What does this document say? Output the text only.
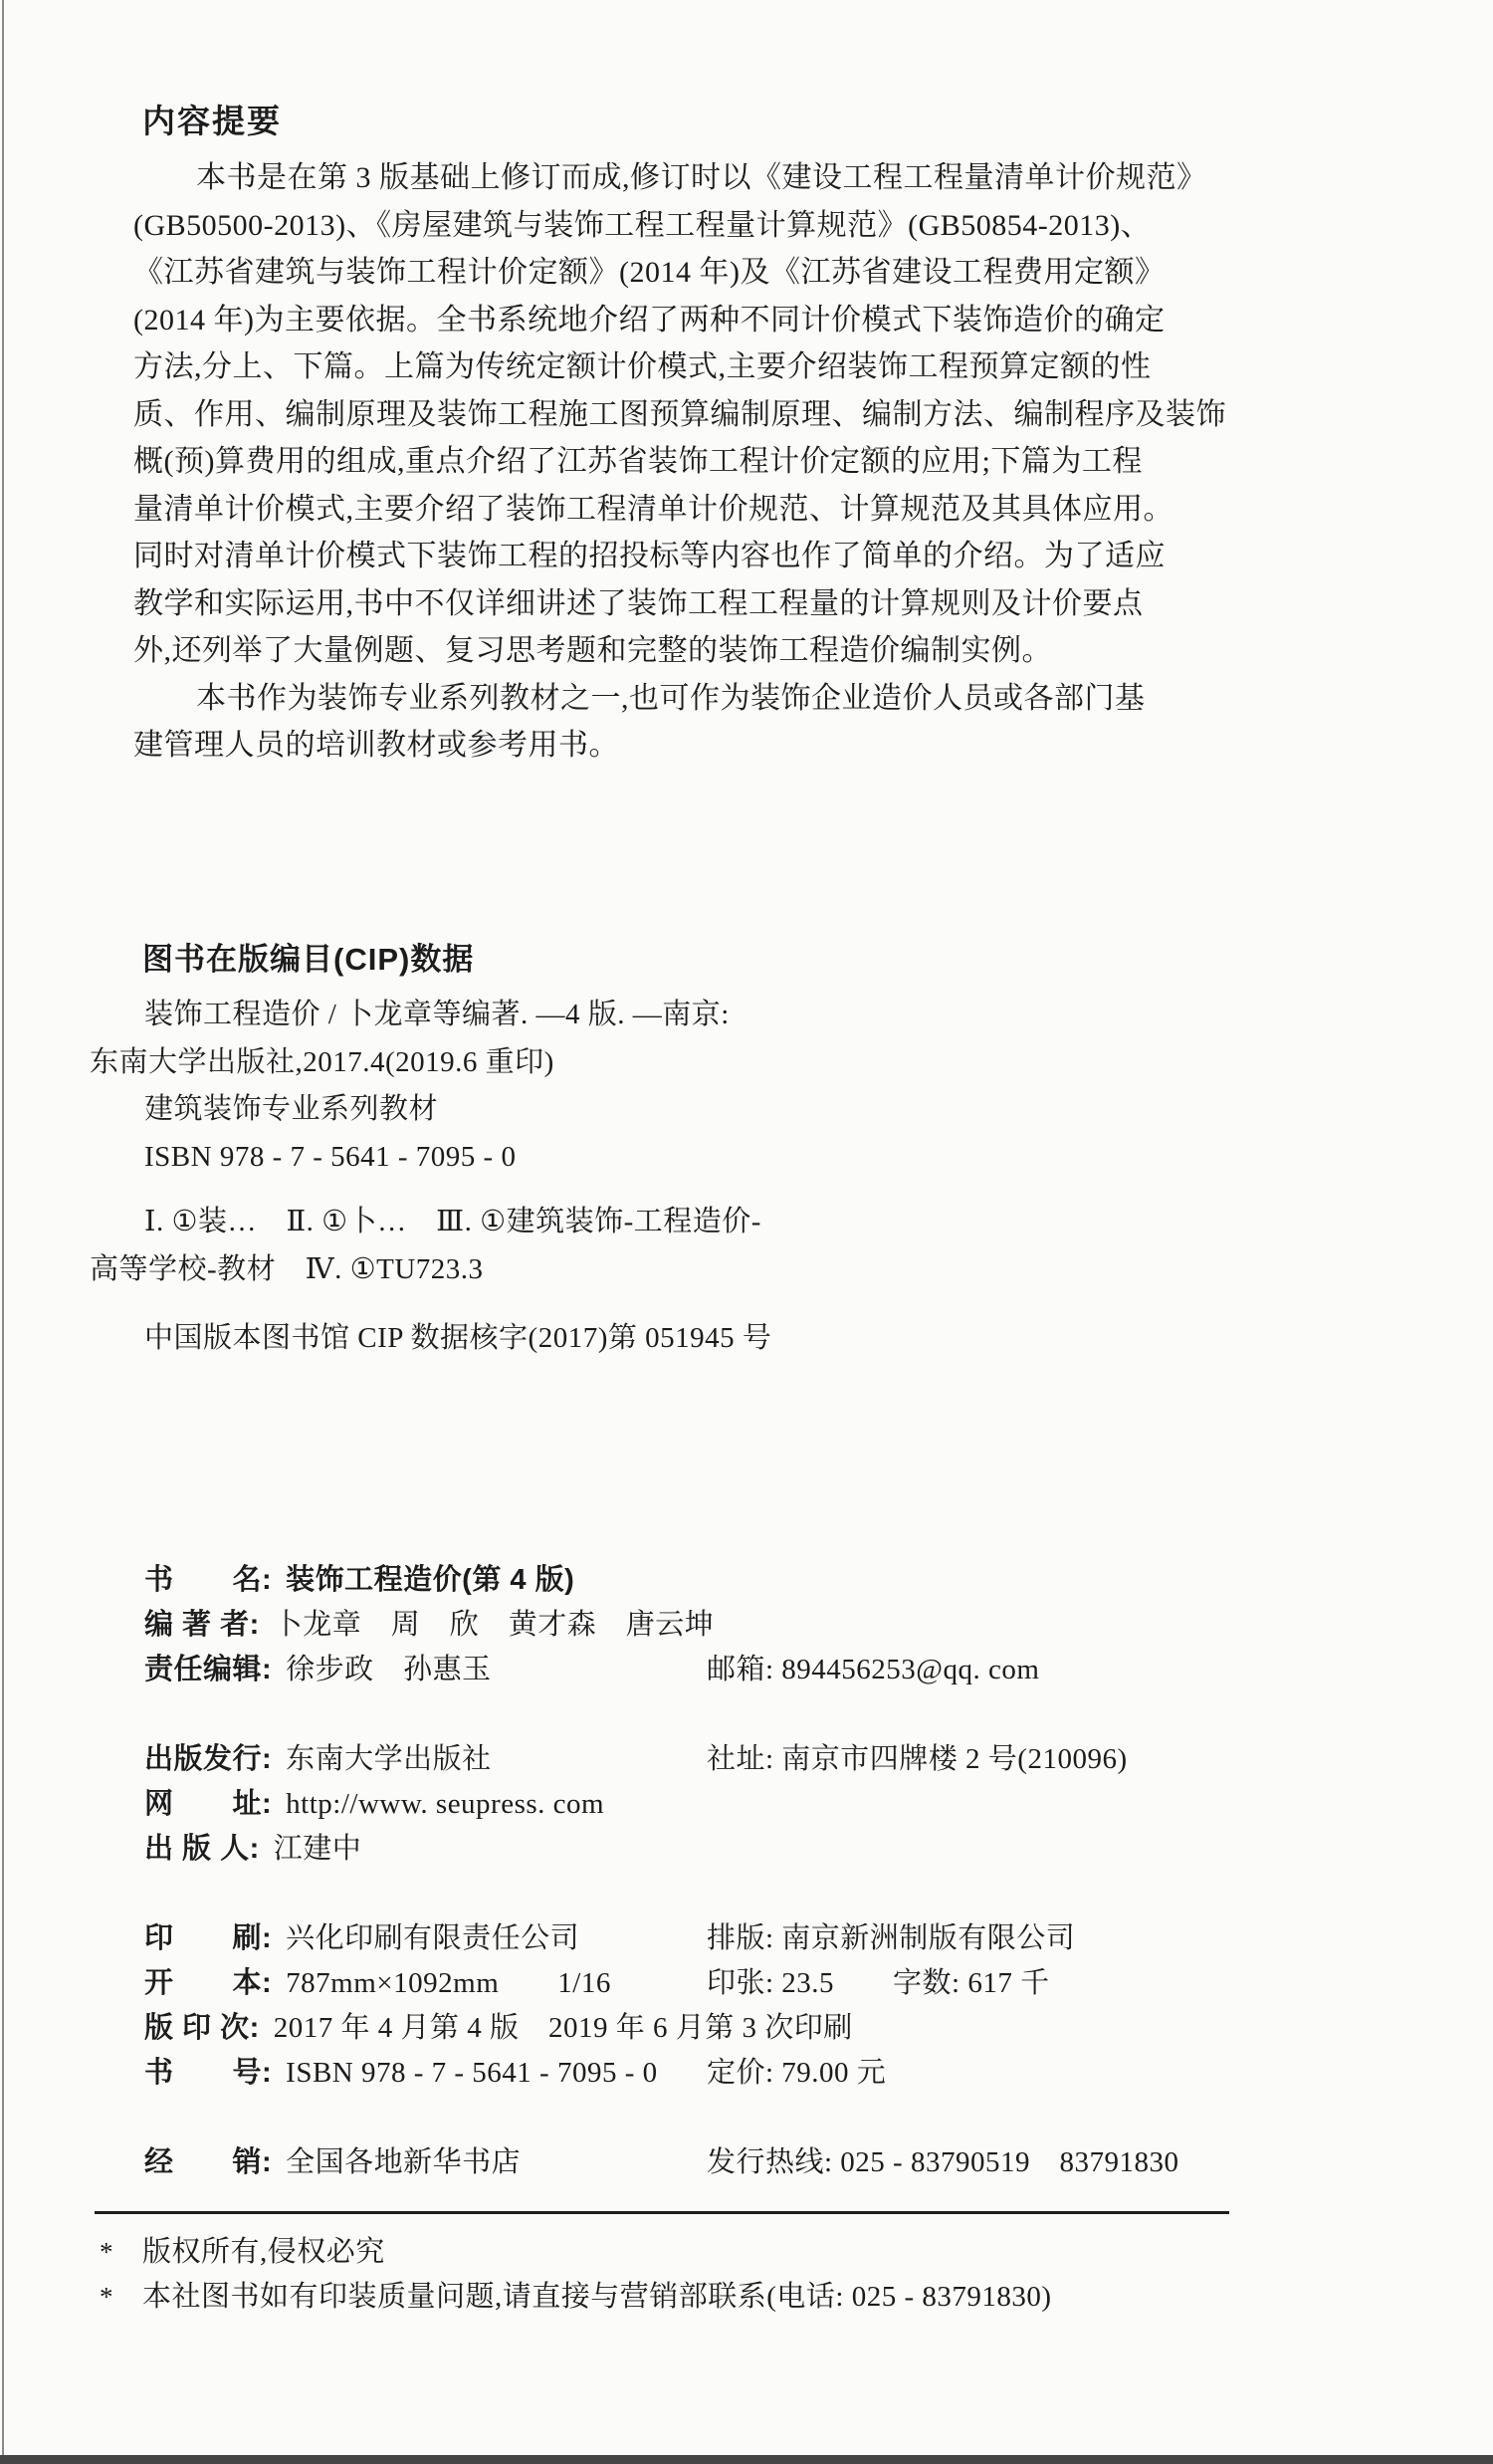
内容提要
本书是在第 3 版基础上修订而成,修订时以《建设工程工程量清单计价规范》
(GB50500-2013)、《房屋建筑与装饰工程工程量计算规范》(GB50854-2013)、
《江苏省建筑与装饰工程计价定额》(2014 年)及《江苏省建设工程费用定额》
(2014 年)为主要依据。全书系统地介绍了两种不同计价模式下装饰造价的确定
方法,分上、下篇。上篇为传统定额计价模式,主要介绍装饰工程预算定额的性
质、作用、编制原理及装饰工程施工图预算编制原理、编制方法、编制程序及装饰
概(预)算费用的组成,重点介绍了江苏省装饰工程计价定额的应用;下篇为工程
量清单计价模式,主要介绍了装饰工程清单计价规范、计算规范及其具体应用。
同时对清单计价模式下装饰工程的招投标等内容也作了简单的介绍。为了适应
教学和实际运用,书中不仅详细讲述了装饰工程工程量的计算规则及计价要点
外,还列举了大量例题、复习思考题和完整的装饰工程造价编制实例。
本书作为装饰专业系列教材之一,也可作为装饰企业造价人员或各部门基
建管理人员的培训教材或参考用书。
图书在版编目(CIP)数据
装饰工程造价 / 卜龙章等编著. —4 版. —南京:
东南大学出版社,2017.4(2019.6 重印)
建筑装饰专业系列教材
ISBN 978 - 7 - 5641 - 7095 - 0
Ⅰ. ①装…　Ⅱ. ①卜…　Ⅲ. ①建筑装饰-工程造价-
高等学校-教材　Ⅳ. ①TU723.3
中国版本图书馆 CIP 数据核字(2017)第 051945 号
书　　名: 装饰工程造价(第 4 版)
编 著 者: 卜龙章　周　欣　黄才森　唐云坤
责任编辑: 徐步政　孙惠玉	邮箱: 894456253@qq. com
出版发行: 东南大学出版社	社址: 南京市四牌楼 2 号(210096)
网　　址: http://www. seupress. com
出 版 人: 江建中
印　　刷: 兴化印刷有限责任公司	排版: 南京新洲制版有限公司
开　　本: 787mm×1092mm　　1/16	印张: 23.5　　字数: 617 千
版 印 次: 2017 年 4 月第 4 版　2019 年 6 月第 3 次印刷
书　　号: ISBN 978 - 7 - 5641 - 7095 - 0 定价: 79.00 元
经　　销: 全国各地新华书店	发行热线: 025 - 83790519　83791830
* 版权所有,侵权必究
* 本社图书如有印装质量问题,请直接与营销部联系(电话: 025 - 83791830)
